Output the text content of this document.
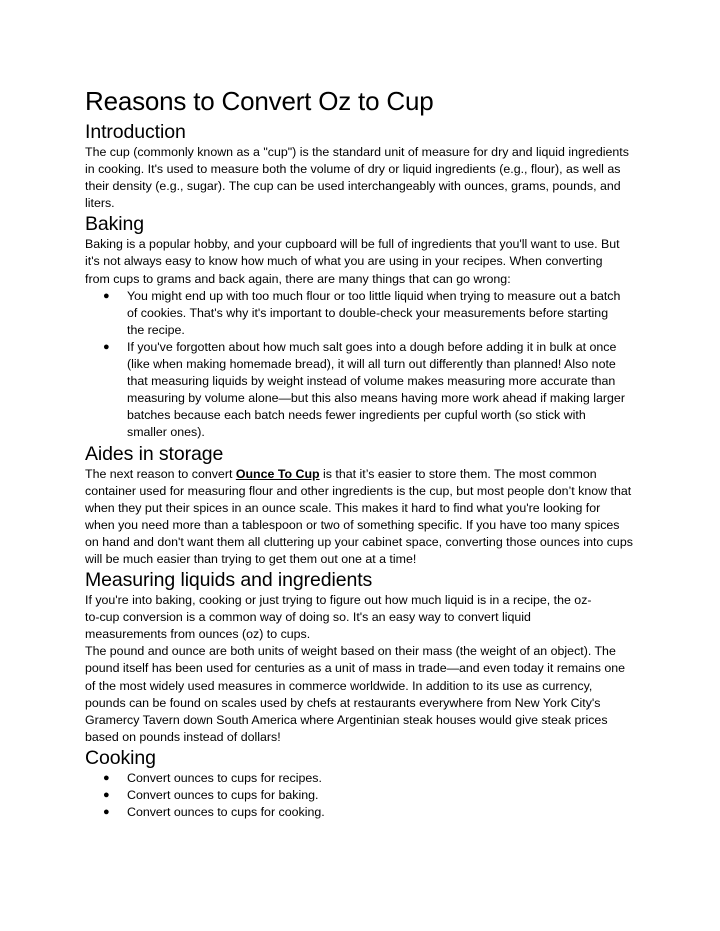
Reasons to Convert Oz to Cup
Introduction

The cup (commonly known as a "cup") is the standard unit of measure for dry and liquid ingredients in cooking. It's used to measure both the volume of dry or liquid ingredients (e.g., flour), as well as their density (e.g., sugar). The cup can be used interchangeably with ounces, grams, pounds, and liters.

Baking

Baking is a popular hobby, and your cupboard will be full of ingredients that you'll want to use. But it's not always easy to know how much of what you are using in your recipes. When converting from cups to grams and back again, there are many things that can go wrong:

● You might end up with too much flour or too little liquid when trying to measure out a batch of cookies. That's why it's important to double-check your measurements before starting the recipe.
● If you've forgotten about how much salt goes into a dough before adding it in bulk at once (like when making homemade bread), it will all turn out differently than planned! Also note that measuring liquids by weight instead of volume makes measuring more accurate than measuring by volume alone—but this also means having more work ahead if making larger batches because each batch needs fewer ingredients per cupful worth (so stick with smaller ones).
Aides in storage

The next reason to convert Ounce To Cup is that it’s easier to store them. The most common container used for measuring flour and other ingredients is the cup, but most people don’t know that when they put their spices in an ounce scale. This makes it hard to find what you're looking for when you need more than a tablespoon or two of something specific. If you have too many spices on hand and don't want them all cluttering up your cabinet space, converting those ounces into cups will be much easier than trying to get them out one at a time!

Measuring liquids and ingredients

If you're into baking, cooking or just trying to figure out how much liquid is in a recipe, the oz-to-cup conversion is a common way of doing so. It's an easy way to convert liquid measurements from ounces (oz) to cups.

The pound and ounce are both units of weight based on their mass (the weight of an object). The pound itself has been used for centuries as a unit of mass in trade—and even today it remains one of the most widely used measures in commerce worldwide. In addition to its use as currency, pounds can be found on scales used by chefs at restaurants everywhere from New York City's Gramercy Tavern down South America where Argentinian steak houses would give steak prices based on pounds instead of dollars!

Cooking
● Convert ounces to cups for recipes.
● Convert ounces to cups for baking.
● Convert ounces to cups for cooking.
